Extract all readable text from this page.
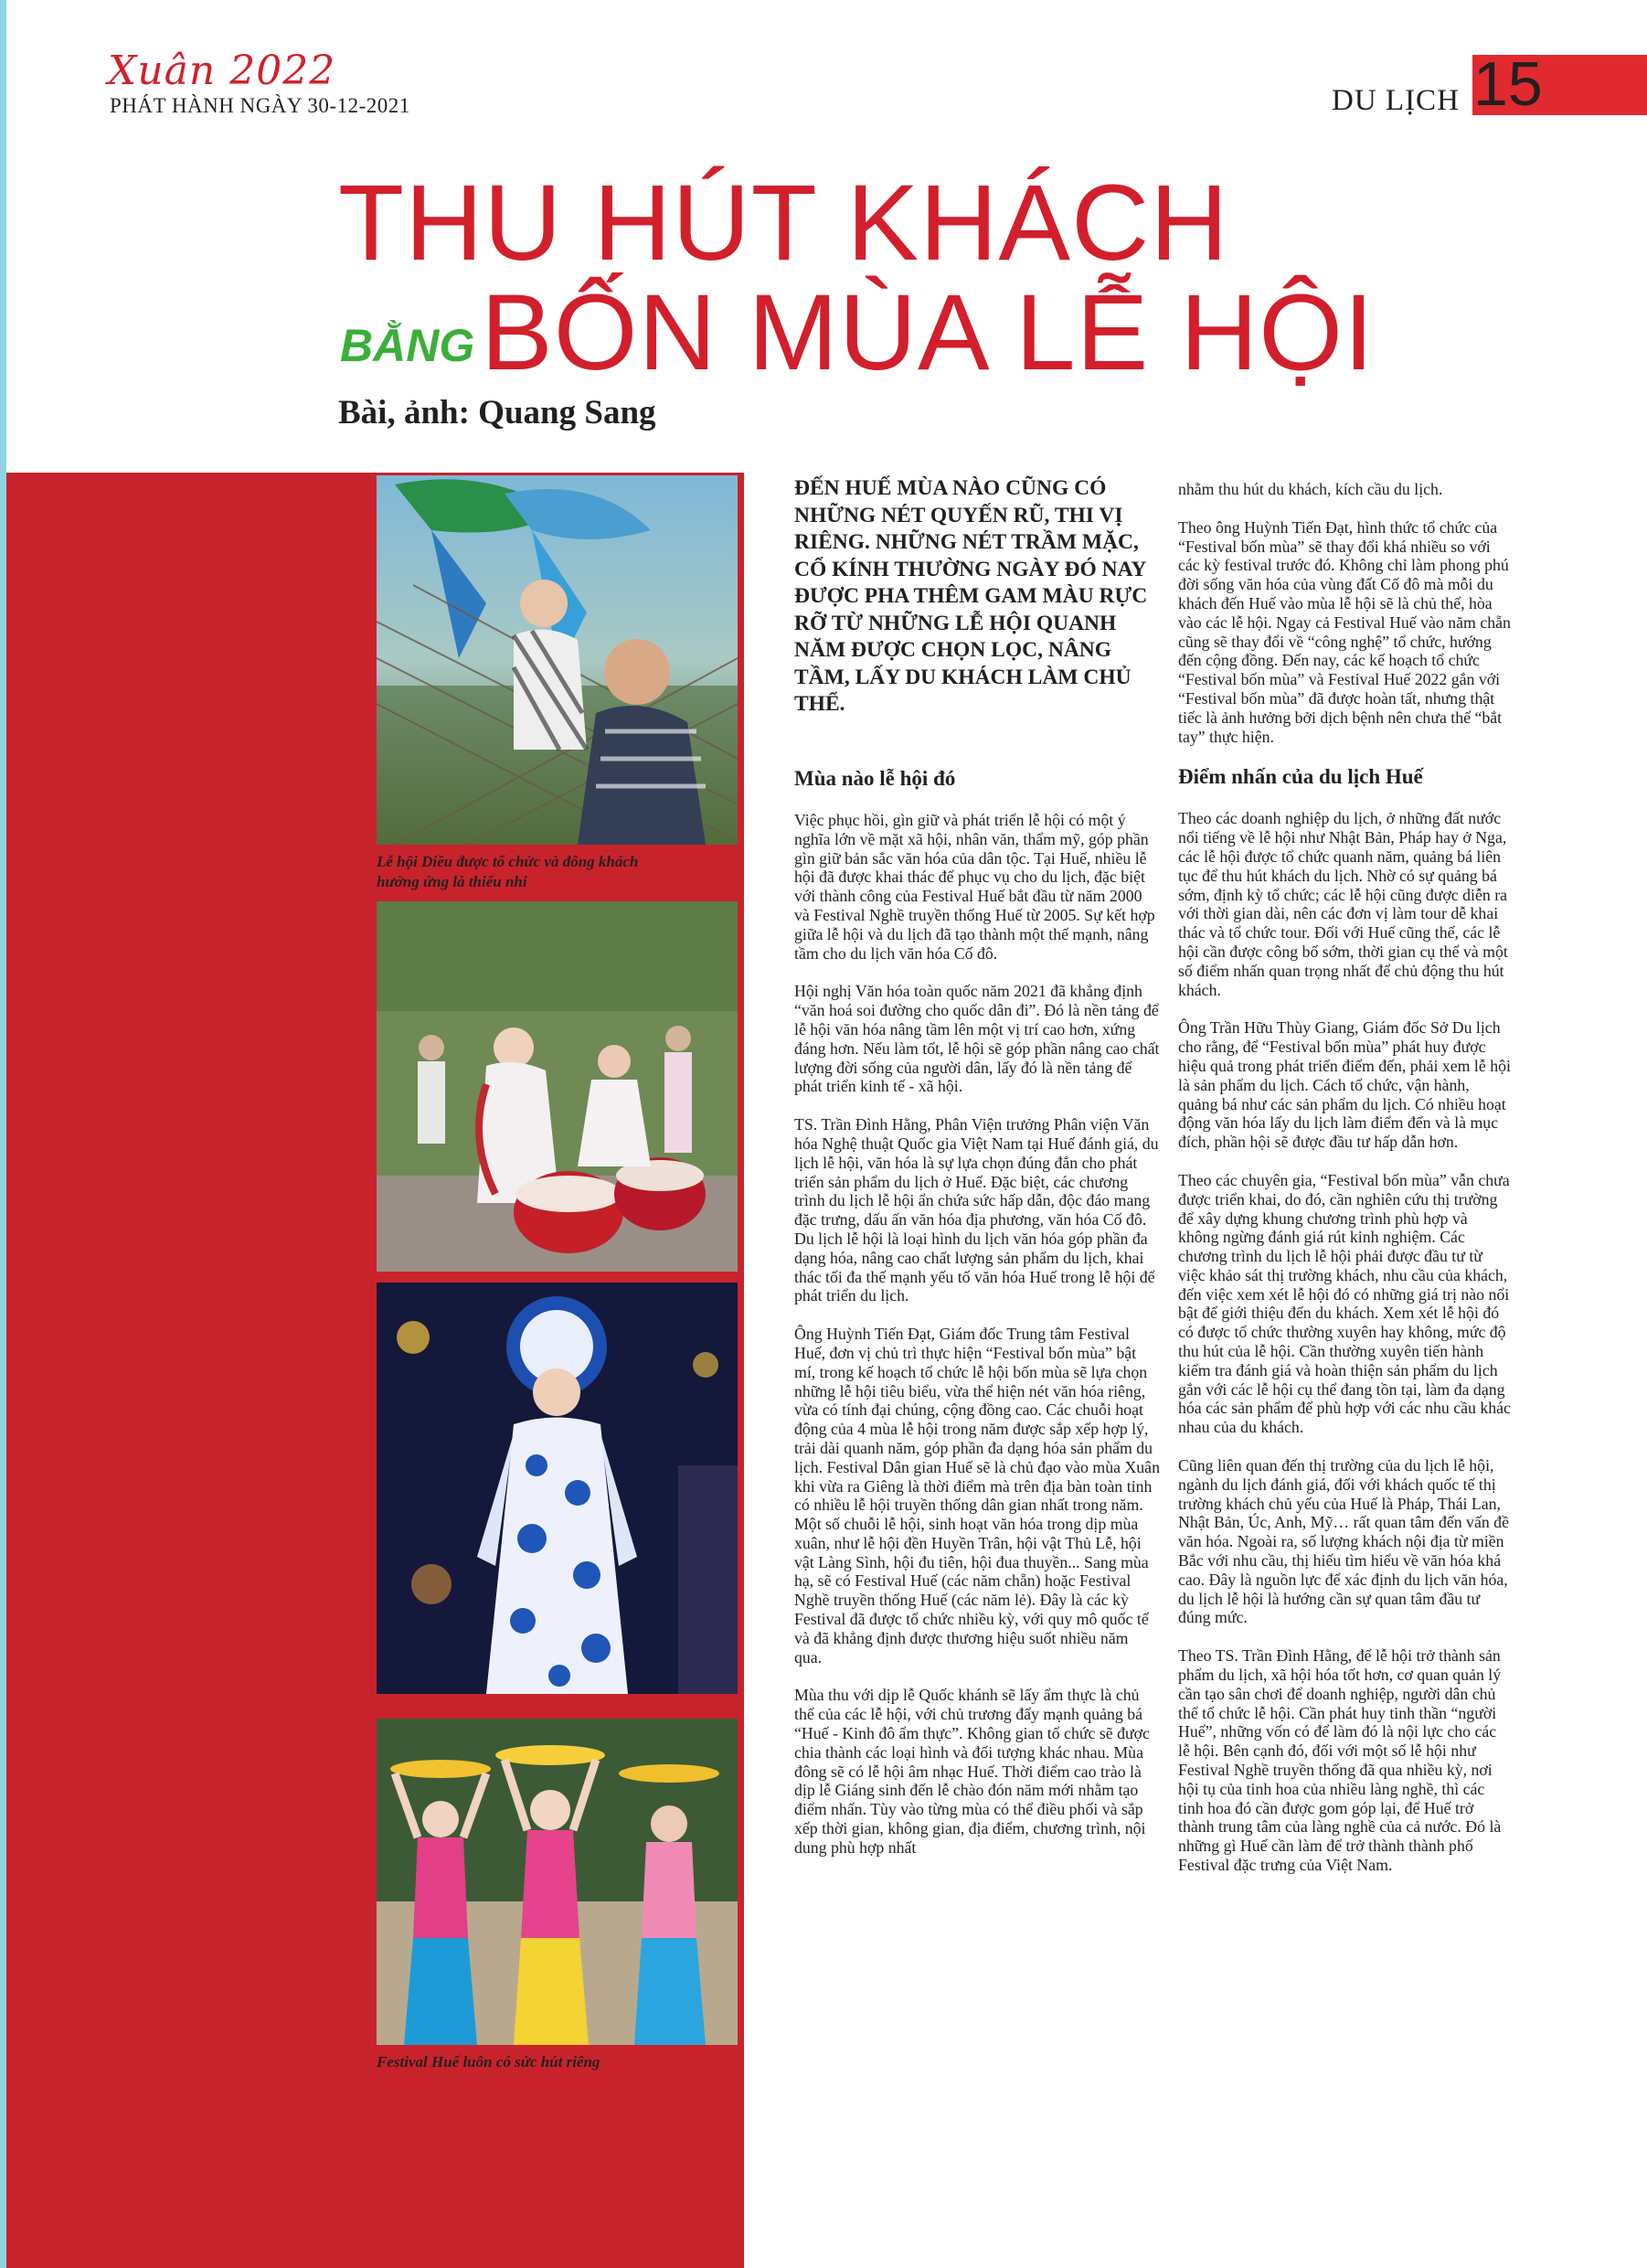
Xuân 2022
PHÁT HÀNH NGÀY 30-12-2021	DU LỊCH 15
THU HÚT KHÁCH
BẰNG BỐN MÙA LỄ HỘI
Bài, ảnh: Quang Sang
Lễ hội Diều được tổ chức và đông khách hưởng ứng là thiếu nhi
Festival Huế luôn có sức hút riêng
ĐẾN HUẾ MÙA NÀO CŨNG CÓ NHỮNG NÉT QUYẾN RŨ, THI VỊ RIÊNG. NHỮNG NÉT TRẦM MẶC, CỔ KÍNH THƯỜNG NGÀY ĐÓ NAY ĐƯỢC PHA THÊM GAM MÀU RỰC RỠ TỪ NHỮNG LỄ HỘI QUANH NĂM ĐƯỢC CHỌN LỌC, NÂNG TẦM, LẤY DU KHÁCH LÀM CHỦ THỂ.
Mùa nào lễ hội đó

Việc phục hồi, gìn giữ và phát triển lễ hội có một ý nghĩa lớn về mặt xã hội, nhân văn, thẩm mỹ, góp phần gìn giữ bản sắc văn hóa của dân tộc. Tại Huế, nhiều lễ hội đã được khai thác để phục vụ cho du lịch, đặc biệt với thành công của Festival Huế bắt đầu từ năm 2000 và Festival Nghề truyền thống Huế từ 2005. Sự kết hợp giữa lễ hội và du lịch đã tạo thành một thế mạnh, nâng tầm cho du lịch văn hóa Cố đô.

Hội nghị Văn hóa toàn quốc năm 2021 đã khẳng định “văn hoá soi đường cho quốc dân đi”. Đó là nền tảng để lễ hội văn hóa nâng tầm lên một vị trí cao hơn, xứng đáng hơn. Nếu làm tốt, lễ hội sẽ góp phần nâng cao chất lượng đời sống của người dân, lấy đó là nền tảng để phát triển kinh tế - xã hội.

TS. Trần Đình Hằng, Phân Viện trưởng Phân viện Văn hóa Nghệ thuật Quốc gia Việt Nam tại Huế đánh giá, du lịch lễ hội, văn hóa là sự lựa chọn đúng đắn cho phát triển sản phẩm du lịch ở Huế. Đặc biệt, các chương trình du lịch lễ hội ẩn chứa sức hấp dẫn, độc đáo mang đặc trưng, dấu ấn văn hóa địa phương, văn hóa Cố đô. Du lịch lễ hội là loại hình du lịch văn hóa góp phần đa dạng hóa, nâng cao chất lượng sản phẩm du lịch, khai thác tối đa thế mạnh yếu tố văn hóa Huế trong lễ hội để phát triển du lịch.

Ông Huỳnh Tiến Đạt, Giám đốc Trung tâm Festival Huế, đơn vị chủ trì thực hiện “Festival bốn mùa” bật mí, trong kế hoạch tổ chức lễ hội bốn mùa sẽ lựa chọn những lễ hội tiêu biểu, vừa thể hiện nét văn hóa riêng, vừa có tính đại chúng, cộng đồng cao. Các chuỗi hoạt động của 4 mùa lễ hội trong năm được sắp xếp hợp lý, trải dài quanh năm, góp phần đa dạng hóa sản phẩm du lịch. Festival Dân gian Huế sẽ là chủ đạo vào mùa Xuân khi vừa ra Giêng là thời điểm mà trên địa bàn toàn tỉnh có nhiều lễ hội truyền thống dân gian nhất trong năm. Một số chuỗi lễ hội, sinh hoạt văn hóa trong dịp mùa xuân, như lễ hội đền Huyền Trân, hội vật Thủ Lễ, hội vật Làng Sình, hội đu tiên, hội đua thuyền... Sang mùa hạ, sẽ có Festival Huế (các năm chẵn) hoặc Festival Nghề truyền thống Huế (các năm lẻ). Đây là các kỳ Festival đã được tổ chức nhiều kỳ, với quy mô quốc tế và đã khẳng định được thương hiệu suốt nhiều năm qua.

Mùa thu với dịp lễ Quốc khánh sẽ lấy ẩm thực là chủ thể của các lễ hội, với chủ trương đẩy mạnh quảng bá “Huế - Kinh đô ẩm thực”. Không gian tổ chức sẽ được chia thành các loại hình và đối tượng khác nhau. Mùa đông sẽ có lễ hội âm nhạc Huế. Thời điểm cao trào là dịp lễ Giáng sinh đến lễ chào đón năm mới nhằm tạo điểm nhấn. Tùy vào từng mùa có thể điều phối và sắp xếp thời gian, không gian, địa điểm, chương trình, nội dung phù hợp nhất

nhằm thu hút du khách, kích cầu du lịch.

Theo ông Huỳnh Tiến Đạt, hình thức tổ chức của “Festival bốn mùa” sẽ thay đổi khá nhiều so với các kỳ festival trước đó. Không chỉ làm phong phú đời sống văn hóa của vùng đất Cố đô mà mỗi du khách đến Huế vào mùa lễ hội sẽ là chủ thể, hòa vào các lễ hội. Ngay cả Festival Huế vào năm chẵn cũng sẽ thay đổi về “công nghệ” tổ chức, hướng đến cộng đồng. Đến nay, các kế hoạch tổ chức “Festival bốn mùa” và Festival Huế 2022 gắn với “Festival bốn mùa” đã được hoàn tất, nhưng thật tiếc là ảnh hưởng bởi dịch bệnh nên chưa thể “bắt tay” thực hiện.

Điểm nhấn của du lịch Huế

Theo các doanh nghiệp du lịch, ở những đất nước nổi tiếng về lễ hội như Nhật Bản, Pháp hay ở Nga, các lễ hội được tổ chức quanh năm, quảng bá liên tục để thu hút khách du lịch. Nhờ có sự quảng bá sớm, định kỳ tổ chức; các lễ hội cũng được diễn ra với thời gian dài, nên các đơn vị làm tour dễ khai thác và tổ chức tour. Đối với Huế cũng thế, các lễ hội cần được công bố sớm, thời gian cụ thể và một số điểm nhấn quan trọng nhất để chủ động thu hút khách.

Ông Trần Hữu Thùy Giang, Giám đốc Sở Du lịch cho rằng, để “Festival bốn mùa” phát huy được hiệu quả trong phát triển điểm đến, phải xem lễ hội là sản phẩm du lịch. Cách tổ chức, vận hành, quảng bá như các sản phẩm du lịch. Có nhiều hoạt động văn hóa lấy du lịch làm điểm đến và là mục đích, phần hội sẽ được đầu tư hấp dẫn hơn.

Theo các chuyên gia, “Festival bốn mùa” vẫn chưa được triển khai, do đó, cần nghiên cứu thị trường để xây dựng khung chương trình phù hợp và không ngừng đánh giá rút kinh nghiệm. Các chương trình du lịch lễ hội phải được đầu tư từ việc khảo sát thị trường khách, nhu cầu của khách, đến việc xem xét lễ hội đó có những giá trị nào nổi bật để giới thiệu đến du khách. Xem xét lễ hội đó có được tổ chức thường xuyên hay không, mức độ thu hút của lễ hội. Cần thường xuyên tiến hành kiểm tra đánh giá và hoàn thiện sản phẩm du lịch gắn với các lễ hội cụ thể đang tồn tại, làm đa dạng hóa các sản phẩm để phù hợp với các nhu cầu khác nhau của du khách.

Cũng liên quan đến thị trường của du lịch lễ hội, ngành du lịch đánh giá, đối với khách quốc tế thị trường khách chủ yếu của Huế là Pháp, Thái Lan, Nhật Bản, Úc, Anh, Mỹ… rất quan tâm đến vấn đề văn hóa. Ngoài ra, số lượng khách nội địa từ miền Bắc với nhu cầu, thị hiếu tìm hiểu về văn hóa khá cao. Đây là nguồn lực để xác định du lịch văn hóa, du lịch lễ hội là hướng cần sự quan tâm đầu tư đúng mức.

Theo TS. Trần Đình Hằng, để lễ hội trở thành sản phẩm du lịch, xã hội hóa tốt hơn, cơ quan quản lý cần tạo sân chơi để doanh nghiệp, người dân chủ thể tổ chức lễ hội. Cần phát huy tinh thần “người Huế”, những vốn có để làm đó là nội lực cho các lễ hội. Bên cạnh đó, đối với một số lễ hội như Festival Nghề truyền thống đã qua nhiều kỳ, nơi hội tụ của tinh hoa của nhiều làng nghề, thì các tinh hoa đó cần được gom góp lại, để Huế trở thành trung tâm của làng nghề của cả nước. Đó là những gì Huế cần làm để trở thành thành phố Festival đặc trưng của Việt Nam.
